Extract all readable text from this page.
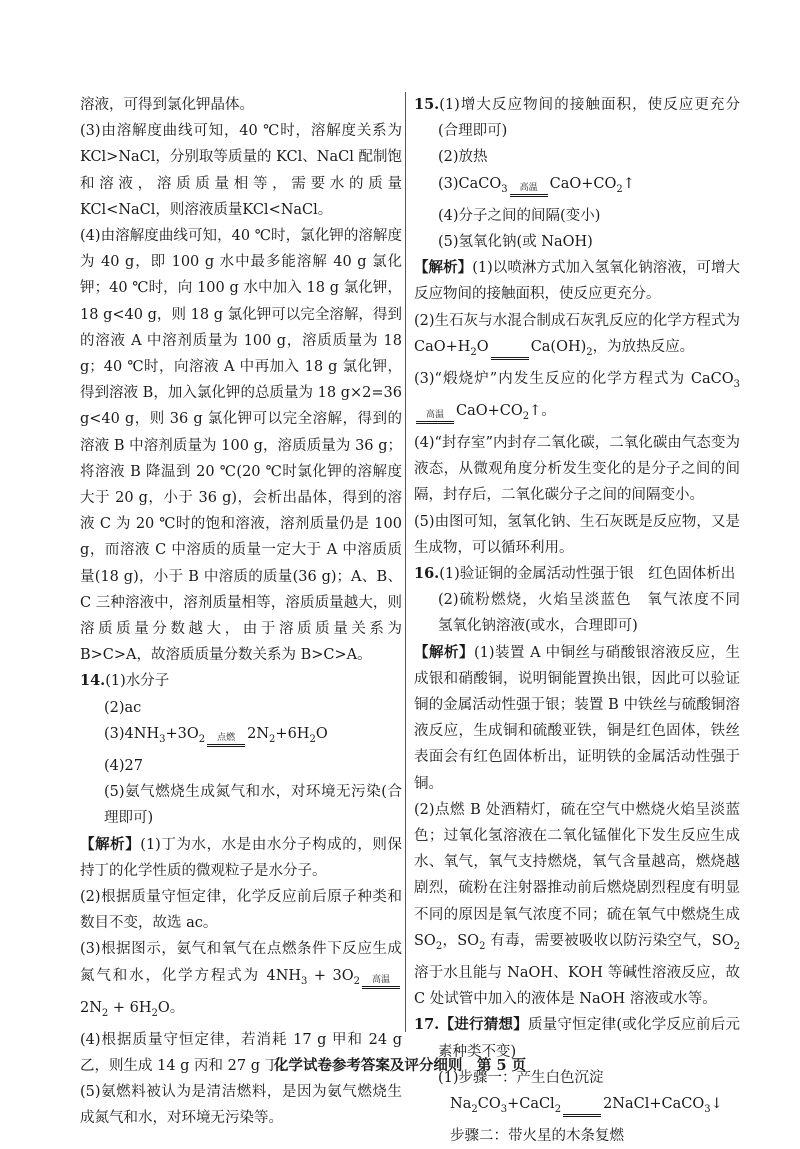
溶液，可得到氯化钾晶体。

(3)由溶解度曲线可知，40 ℃时，溶解度关系为KCl>NaCl，分别取等质量的 KCl、NaCl 配制饱和溶液，溶质质量相等，需要水的质量 KCl<NaCl，则溶液质量KCl<NaCl。

(4)由溶解度曲线可知，40 ℃时，氯化钾的溶解度为 40 g，即 100 g 水中最多能溶解 40 g 氯化钾；40 ℃时，向 100 g 水中加入 18 g 氯化钾，18 g<40 g，则 18 g 氯化钾可以完全溶解，得到的溶液 A 中溶剂质量为 100 g，溶质质量为 18 g；40 ℃时，向溶液 A 中再加入 18 g 氯化钾，得到溶液 B，加入氯化钾的总质量为 18 g×2=36 g<40 g，则 36 g 氯化钾可以完全溶解，得到的溶液 B 中溶剂质量为 100 g，溶质质量为 36 g；将溶液 B 降温到 20 ℃(20 ℃时氯化钾的溶解度大于 20 g，小于 36 g)，会析出晶体，得到的溶液 C 为 20 ℃时的饱和溶液，溶剂质量仍是 100 g，而溶液 C 中溶质的质量一定大于 A 中溶质质量(18 g)，小于 B 中溶质的质量(36 g)；A、B、C 三种溶液中，溶剂质量相等，溶质质量越大，则溶质质量分数越大，由于溶质质量关系为 B>C>A，故溶质质量分数关系为 B>C>A。

14.(1)水分子

(2)ac

$(3)4NH_3+3O_2$	点燃 $2N_2+6H_2O$

(4)27

(5)氨气燃烧生成氮气和水，对环境无污染(合理即可)

【解析】(1)丁为水，水是由水分子构成的，则保持丁的化学性质的微观粒子是水分子。

(2)根据质量守恒定律，化学反应前后原子种类和数目不变，故选 ac。

(3)根据图示，氨气和氧气在点燃条件下反应生成氮气和水，化学方程式为 $4NH_3 + 3O_2$	高温
$2N_2 + 6H_2O$。

(4)根据质量守恒定律，若消耗 17 g 甲和 24 g 乙，则生成 14 g 丙和 27 g 丁。

(5)氨燃料被认为是清洁燃料，是因为氨气燃烧生成氮气和水，对环境无污染等。

15.(1)增大反应物间的接触面积，使反应更充分(合理即可)

(2)放热

(3)CaCO$_3$	高温 $CaO+CO_2↑$

(4)分子之间的间隔(变小)

(5)氢氧化钠(或 NaOH)

【解析】(1)以喷淋方式加入氢氧化钠溶液，可增大反应物间的接触面积，使反应更充分。

(2)生石灰与水混合制成石灰乳反应的化学方程式为 $CaO+H_2O$
	$Ca(OH)_2$，为放热反应。

(3)“煅烧炉”内发生反应的化学方程式为 CaCO$_3$
高温 $CaO+CO_2↑$。

(4)“封存室”内封存二氧化碳，二氧化碳由气态变为液态，从微观角度分析发生变化的是分子之间的间隔，封存后，二氧化碳分子之间的间隔变小。

(5)由图可知，氢氧化钠、生石灰既是反应物，又是生成物，可以循环利用。

16.(1)验证铜的金属活动性强于银　红色固体析出

(2)硫粉燃烧，火焰呈淡蓝色　氧气浓度不同　氢氧化钠溶液(或水，合理即可)

【解析】(1)装置 A 中铜丝与硝酸银溶液反应，生成银和硝酸铜，说明铜能置换出银，因此可以验证铜的金属活动性强于银；装置 B 中铁丝与硫酸铜溶液反应，生成铜和硫酸亚铁，铜是红色固体，铁丝表面会有红色固体析出，证明铁的金属活动性强于铜。

(2)点燃 B 处酒精灯，硫在空气中燃烧火焰呈淡蓝色；过氧化氢溶液在二氧化锰催化下发生反应生成水、氧气，氧气支持燃烧，氧气含量越高，燃烧越剧烈，硫粉在注射器推动前后燃烧剧烈程度有明显不同的原因是氧气浓度不同；硫在氧气中燃烧生成 $SO_2$，$SO_2$ 有毒，需要被吸收以防污染空气，$SO_2$溶于水且能与 NaOH、KOH 等碱性溶液反应，故 C 处试管中加入的液体是 NaOH 溶液或水等。

17.【进行猜想】质量守恒定律(或化学反应前后元素种类不变)

(1)步骤一：产生白色沉淀

$Na_2CO_3+CaCl_2$
	2NaCl+CaCO$_3$↓

步骤二：带火星的木条复燃

化学试卷参考答案及评分细则　第 5 页
